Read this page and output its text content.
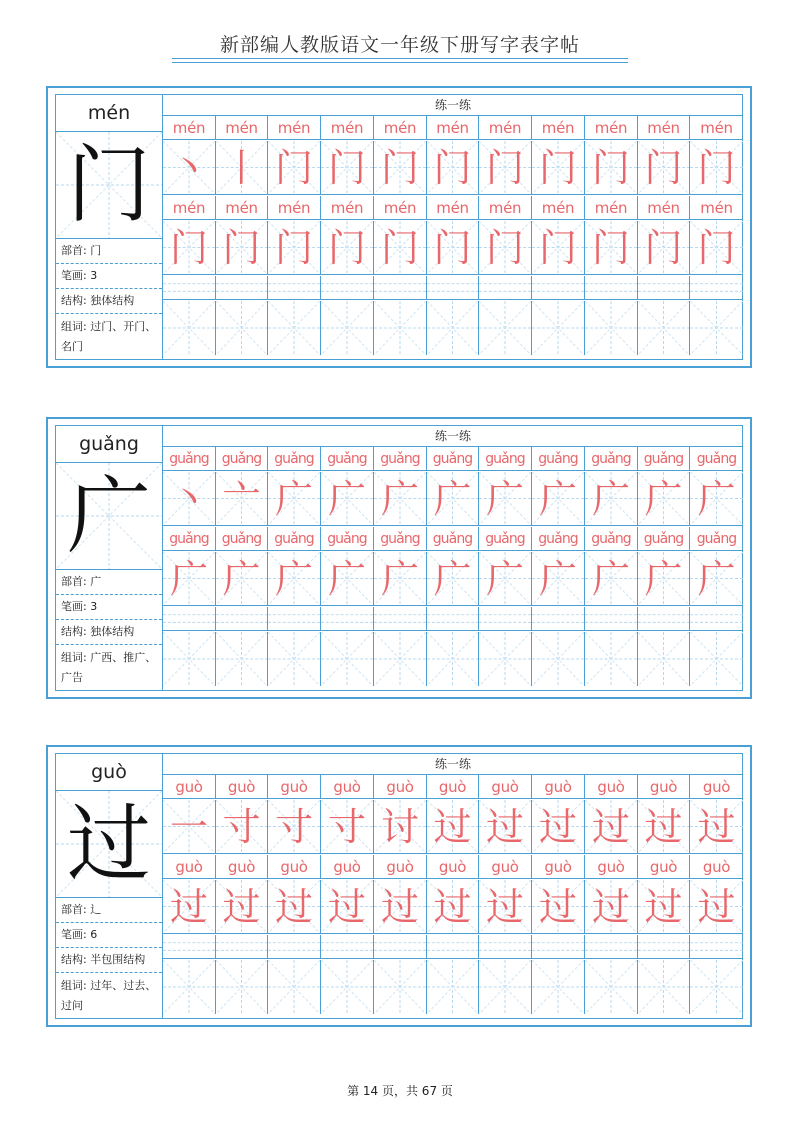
新部编人教版语文一年级下册写字表字帖
mén
门
部首: 门
笔画: 3
结构: 独体结构
组词: 过门、开门、名门
练一练
mén	mén	mén	mén	mén	mén	mén	mén	mén	mén	mén
丶 丨 门 门 门 门 门 门 门 门 门
mén	mén	mén	mén	mén	mén	mén	mén	mén	mén	mén
门 门 门 门 门 门 门 门 门 门 门
guǎng
广
部首: 广
笔画: 3
结构: 独体结构
组词: 广西、推广、广告
练一练
guǎng guǎng guǎng guǎng guǎng guǎng guǎng guǎng guǎng guǎng guǎng
丶 亠 广 广 广 广 广 广 广 广 广
guǎng guǎng guǎng guǎng guǎng guǎng guǎng guǎng guǎng guǎng guǎng
广 广 广 广 广 广 广 广 广 广 广
guò
过
部首: 辶
笔画: 6
结构: 半包围结构
组词: 过年、过去、过问
练一练
guò	guò	guò	guò	guò	guò	guò	guò	guò	guò	guò
一 寸 寸 寸 讨 过 过 过 过 过 过
guò	guò	guò	guò	guò	guò	guò	guò	guò	guò	guò
过 过 过 过 过 过 过 过 过 过 过
第 14 页，共 67 页
